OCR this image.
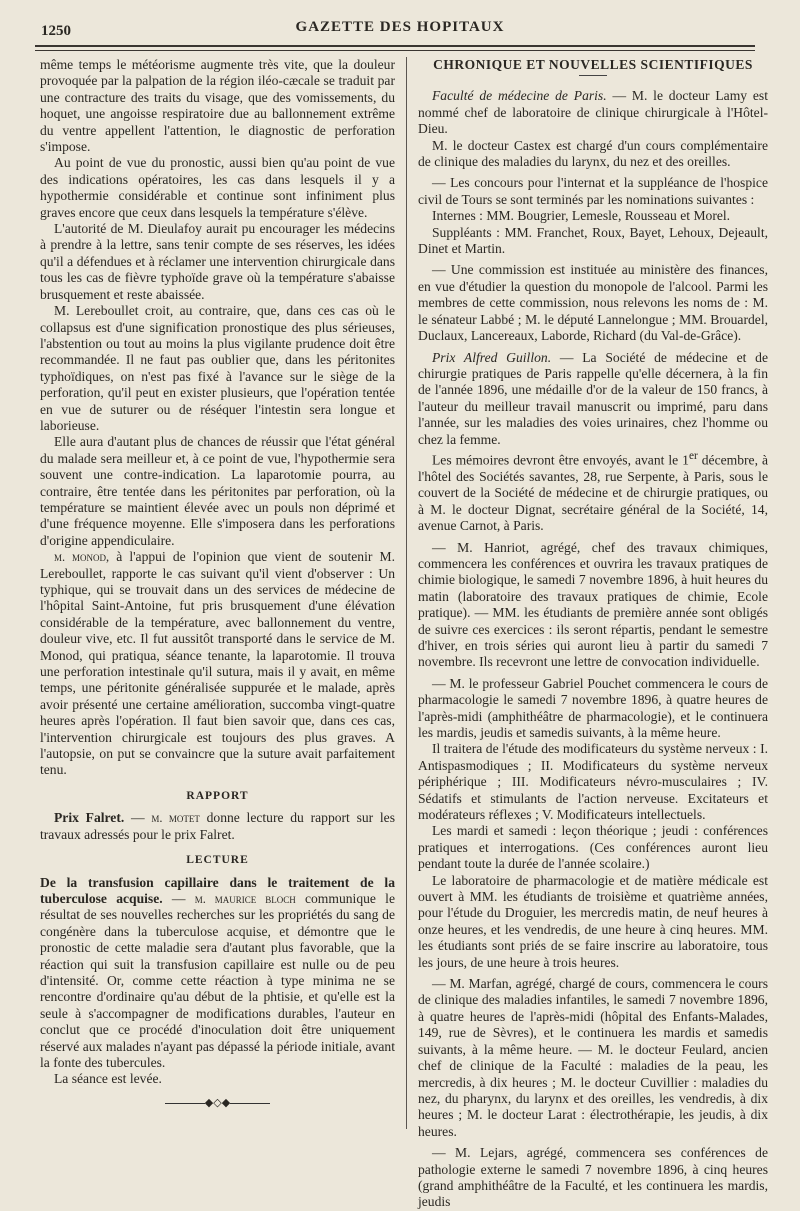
1250	GAZETTE DES HOPITAUX

même temps le météorisme augmente très vite, que la douleur provoquée par la palpation de la région iléo-cæcale se traduit par une contracture des traits du visage, que des vomissements, du hoquet, une angoisse respiratoire due au ballonnement extrême du ventre appellent l'attention, le diagnostic de perforation s'impose.

Au point de vue du pronostic, aussi bien qu'au point de vue des indications opératoires, les cas dans lesquels il y a hypothermie considérable et continue sont infiniment plus graves encore que ceux dans lesquels la température s'élève.

L'autorité de M. Dieulafoy aurait pu encourager les médecins à prendre à la lettre, sans tenir compte de ses réserves, les idées qu'il a défendues et à réclamer une intervention chirurgicale dans tous les cas de fièvre typhoïde grave où la température s'abaisse brusquement et reste abaissée.

M. Lereboullet croit, au contraire, que, dans ces cas où le collapsus est d'une signification pronostique des plus sérieuses, l'abstention ou tout au moins la plus vigilante prudence doit être recommandée. Il ne faut pas oublier que, dans les péritonites typhoïdiques, on n'est pas fixé à l'avance sur le siège de la perforation, qu'il peut en exister plusieurs, que l'opération tentée en vue de suturer ou de réséquer l'intestin sera longue et laborieuse.

Elle aura d'autant plus de chances de réussir que l'état général du malade sera meilleur et, à ce point de vue, l'hypothermie sera souvent une contre-indication. La laparotomie pourra, au contraire, être tentée dans les péritonites par perforation, où la température se maintient élevée avec un pouls non déprimé et d'une fréquence moyenne. Elle s'imposera dans les perforations d'origine appendiculaire.

m. monod, à l'appui de l'opinion que vient de soutenir M. Lereboullet, rapporte le cas suivant qu'il vient d'observer : Un typhique, qui se trouvait dans un des services de médecine de l'hôpital Saint-Antoine, fut pris brusquement d'une élévation considérable de la température, avec ballonnement du ventre, douleur vive, etc. Il fut aussitôt transporté dans le service de M. Monod, qui pratiqua, séance tenante, la laparotomie. Il trouva une perforation intestinale qu'il sutura, mais il y avait, en même temps, une péritonite généralisée suppurée et le malade, après avoir présenté une certaine amélioration, succomba vingt-quatre heures après l'opération. Il faut bien savoir que, dans ces cas, l'intervention chirurgicale est toujours des plus graves. A l'autopsie, on put se convaincre que la suture avait parfaitement tenu.

RAPPORT

Prix Falret. — m. motet donne lecture du rapport sur les travaux adressés pour le prix Falret.

LECTURE

De la transfusion capillaire dans le traitement de la tuberculose acquise. — m. maurice bloch communique le résultat de ses nouvelles recherches sur les propriétés du sang de congénère dans la tuberculose acquise, et démontre que le pronostic de cette maladie sera d'autant plus favorable, que la réaction qui suit la transfusion capillaire est nulle ou de peu d'intensité. Or, comme cette réaction à type minima ne se rencontre d'ordinaire qu'au début de la phtisie, et qu'elle est la seule à s'accompagner de modifications durables, l'auteur en conclut que ce procédé d'inoculation doit être uniquement réservé aux malades n'ayant pas dépassé la période initiale, avant la fonte des tubercules.

La séance est levée.

◆◇◆
CHRONIQUE ET NOUVELLES SCIENTIFIQUES

Faculté de médecine de Paris. — M. le docteur Lamy est nommé chef de laboratoire de clinique chirurgicale à l'Hôtel-Dieu.

M. le docteur Castex est chargé d'un cours complémentaire de clinique des maladies du larynx, du nez et des oreilles.

— Les concours pour l'internat et la suppléance de l'hospice civil de Tours se sont terminés par les nominations suivantes :

Internes : MM. Bougrier, Lemesle, Rousseau et Morel.

Suppléants : MM. Franchet, Roux, Bayet, Lehoux, Dejeault, Dinet et Martin.

— Une commission est instituée au ministère des finances, en vue d'étudier la question du monopole de l'alcool. Parmi les membres de cette commission, nous relevons les noms de : M. le sénateur Labbé ; M. le député Lannelongue ; MM. Brouardel, Duclaux, Lancereaux, Laborde, Richard (du Val-de-Grâce).

Prix Alfred Guillon. — La Société de médecine et de chirurgie pratiques de Paris rappelle qu'elle décernera, à la fin de l'année 1896, une médaille d'or de la valeur de 150 francs, à l'auteur du meilleur travail manuscrit ou imprimé, paru dans l'année, sur les maladies des voies urinaires, chez l'homme ou chez la femme.

Les mémoires devront être envoyés, avant le 1er décembre, à l'hôtel des Sociétés savantes, 28, rue Serpente, à Paris, sous le couvert de la Société de médecine et de chirurgie pratiques, ou à M. le docteur Dignat, secrétaire général de la Société, 14, avenue Carnot, à Paris.

— M. Hanriot, agrégé, chef des travaux chimiques, commencera les conférences et ouvrira les travaux pratiques de chimie biologique, le samedi 7 novembre 1896, à huit heures du matin (laboratoire des travaux pratiques de chimie, Ecole pratique). — MM. les étudiants de première année sont obligés de suivre ces exercices : ils seront répartis, pendant le semestre d'hiver, en trois séries qui auront lieu à partir du samedi 7 novembre. Ils recevront une lettre de convocation individuelle.

— M. le professeur Gabriel Pouchet commencera le cours de pharmacologie le samedi 7 novembre 1896, à quatre heures de l'après-midi (amphithéâtre de pharmacologie), et le continuera les mardis, jeudis et samedis suivants, à la même heure.

Il traitera de l'étude des modificateurs du système nerveux : I. Antispasmodiques ; II. Modificateurs du système nerveux périphérique ; III. Modificateurs névro-musculaires ; IV. Sédatifs et stimulants de l'action nerveuse. Excitateurs et modérateurs réflexes ; V. Modificateurs intellectuels.

Les mardi et samedi : leçon théorique ; jeudi : conférences pratiques et interrogations. (Ces conférences auront lieu pendant toute la durée de l'année scolaire.)

Le laboratoire de pharmacologie et de matière médicale est ouvert à MM. les étudiants de troisième et quatrième années, pour l'étude du Droguier, les mercredis matin, de neuf heures à onze heures, et les vendredis, de une heure à cinq heures. MM. les étudiants sont priés de se faire inscrire au laboratoire, tous les jours, de une heure à trois heures.

— M. Marfan, agrégé, chargé de cours, commencera le cours de clinique des maladies infantiles, le samedi 7 novembre 1896, à quatre heures de l'après-midi (hôpital des Enfants-Malades, 149, rue de Sèvres), et le continuera les mardis et samedis suivants, à la même heure. — M. le docteur Feulard, ancien chef de clinique de la Faculté : maladies de la peau, les mercredis, à dix heures ; M. le docteur Cuvillier : maladies du nez, du pharynx, du larynx et des oreilles, les vendredis, à dix heures ; M. le docteur Larat : électrothérapie, les jeudis, à dix heures.

— M. Lejars, agrégé, commencera ses conférences de pathologie externe le samedi 7 novembre 1896, à cinq heures (grand amphithéâtre de la Faculté, et les continuera les mardis, jeudis
